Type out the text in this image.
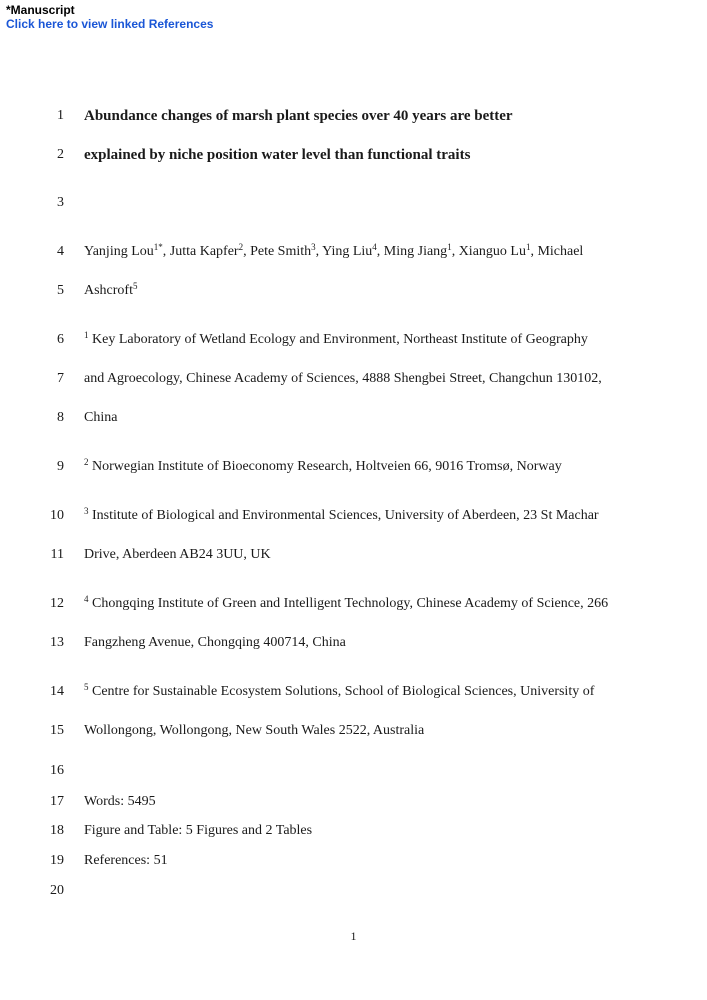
*Manuscript
Click here to view linked References
1 Abundance changes of marsh plant species over 40 years are better
2 explained by niche position water level than functional traits
3
4 Yanjing Lou$^{1*}$, Jutta Kapfer$^2$, Pete Smith$^3$, Ying Liu$^4$, Ming Jiang$^1$, Xianguo Lu$^1$, Michael
5 Ashcroft$^5$
6 $^1$ Key Laboratory of Wetland Ecology and Environment, Northeast Institute of Geography
7 and Agroecology, Chinese Academy of Sciences, 4888 Shengbei Street, Changchun 130102,
8 China
9 $^2$ Norwegian Institute of Bioeconomy Research, Holtveien 66, 9016 Tromsø, Norway
10 $^3$ Institute of Biological and Environmental Sciences, University of Aberdeen, 23 St Machar
11 Drive, Aberdeen AB24 3UU, UK
12 $^4$ Chongqing Institute of Green and Intelligent Technology, Chinese Academy of Science, 266
13 Fangzheng Avenue, Chongqing 400714, China
14 $^5$ Centre for Sustainable Ecosystem Solutions, School of Biological Sciences, University of
15 Wollongong, Wollongong, New South Wales 2522, Australia
16
17 Words: 5495
18 Figure and Table: 5 Figures and 2 Tables
19 References: 51
20
1
